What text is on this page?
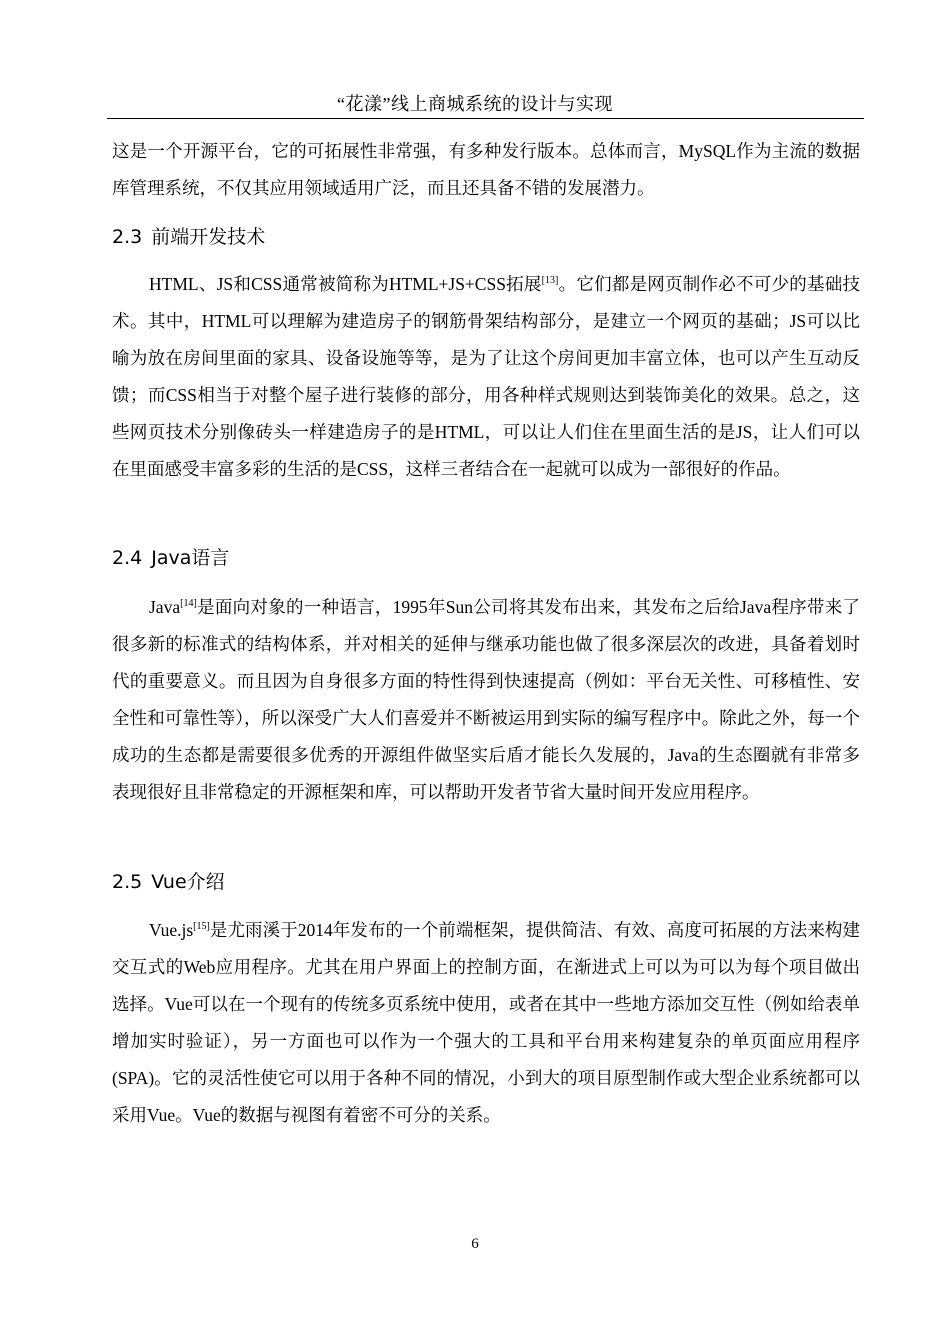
“花漾”线上商城系统的设计与实现

这是一个开源平台，它的可拓展性非常强，有多种发行版本。总体而言，MySQL作为主流的数据库管理系统，不仅其应用领域适用广泛，而且还具备不错的发展潜力。

2.3 前端开发技术

HTML、JS和CSS通常被简称为HTML+JS+CSS拓展[13]。它们都是网页制作必不可少的基础技术。其中，HTML可以理解为建造房子的钢筋骨架结构部分，是建立一个网页的基础；JS可以比喻为放在房间里面的家具、设备设施等等，是为了让这个房间更加丰富立体，也可以产生互动反馈；而CSS相当于对整个屋子进行装修的部分，用各种样式规则达到装饰美化的效果。总之，这些网页技术分别像砖头一样建造房子的是HTML，可以让人们住在里面生活的是JS，让人们可以在里面感受丰富多彩的生活的是CSS，这样三者结合在一起就可以成为一部很好的作品。

2.4 Java语言

Java[14]是面向对象的一种语言，1995年Sun公司将其发布出来，其发布之后给Java程序带来了很多新的标准式的结构体系，并对相关的延伸与继承功能也做了很多深层次的改进，具备着划时代的重要意义。而且因为自身很多方面的特性得到快速提高（例如：平台无关性、可移植性、安全性和可靠性等），所以深受广大人们喜爱并不断被运用到实际的编写程序中。除此之外，每一个成功的生态都是需要很多优秀的开源组件做坚实后盾才能长久发展的，Java的生态圈就有非常多表现很好且非常稳定的开源框架和库，可以帮助开发者节省大量时间开发应用程序。

2.5 Vue介绍

Vue.js[15]是尤雨溪于2014年发布的一个前端框架，提供简洁、有效、高度可拓展的方法来构建交互式的Web应用程序。尤其在用户界面上的控制方面，在渐进式上可以为可以为每个项目做出选择。Vue可以在一个现有的传统多页系统中使用，或者在其中一些地方添加交互性（例如给表单增加实时验证），另一方面也可以作为一个强大的工具和平台用来构建复杂的单页面应用程序(SPA)。它的灵活性使它可以用于各种不同的情况，小到大的项目原型制作或大型企业系统都可以采用Vue。Vue的数据与视图有着密不可分的关系。

6
